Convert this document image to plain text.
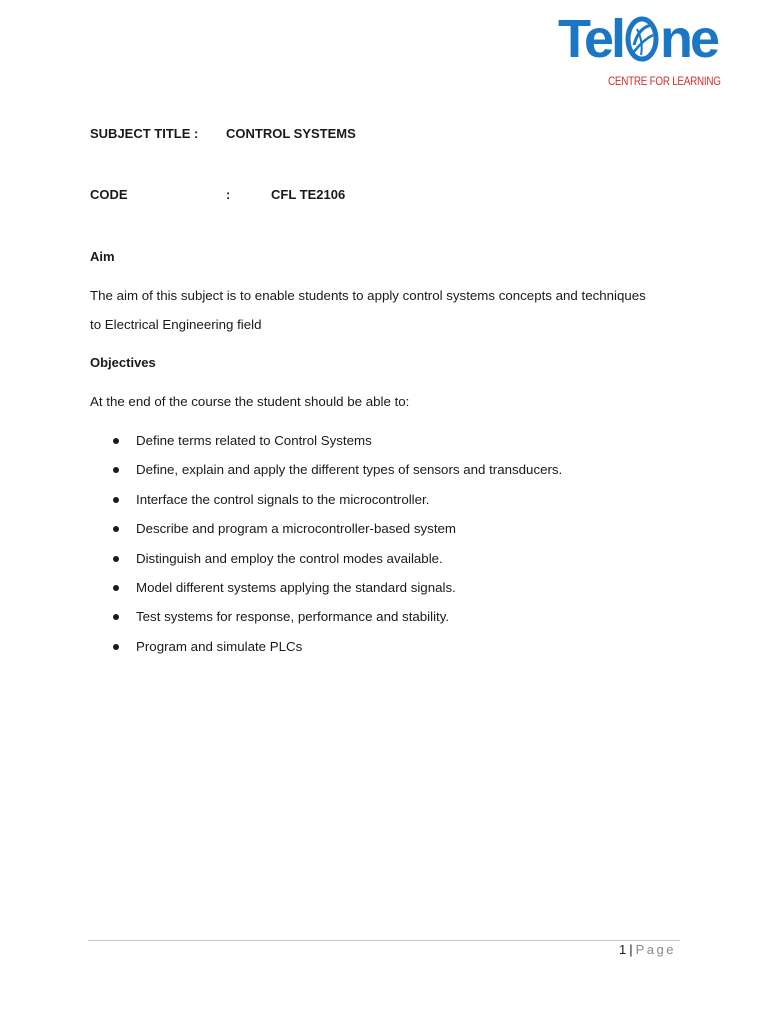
Tel ne
CENTRE FOR LEARNING
SUBJECT TITLE : CONTROL SYSTEMS
CODE	:	CFL TE2106
Aim
The aim of this subject is to enable students to apply control systems concepts and techniques
to Electrical Engineering field
Objectives
At the end of the course the student should be able to:
Define terms related to Control Systems
Define, explain and apply the different types of sensors and transducers.
Interface the control signals to the microcontroller.
Describe and program a microcontroller-based system
Distinguish and employ the control modes available.
Model different systems applying the standard signals.
Test systems for response, performance and stability.
Program and simulate PLCs
1 | Page
